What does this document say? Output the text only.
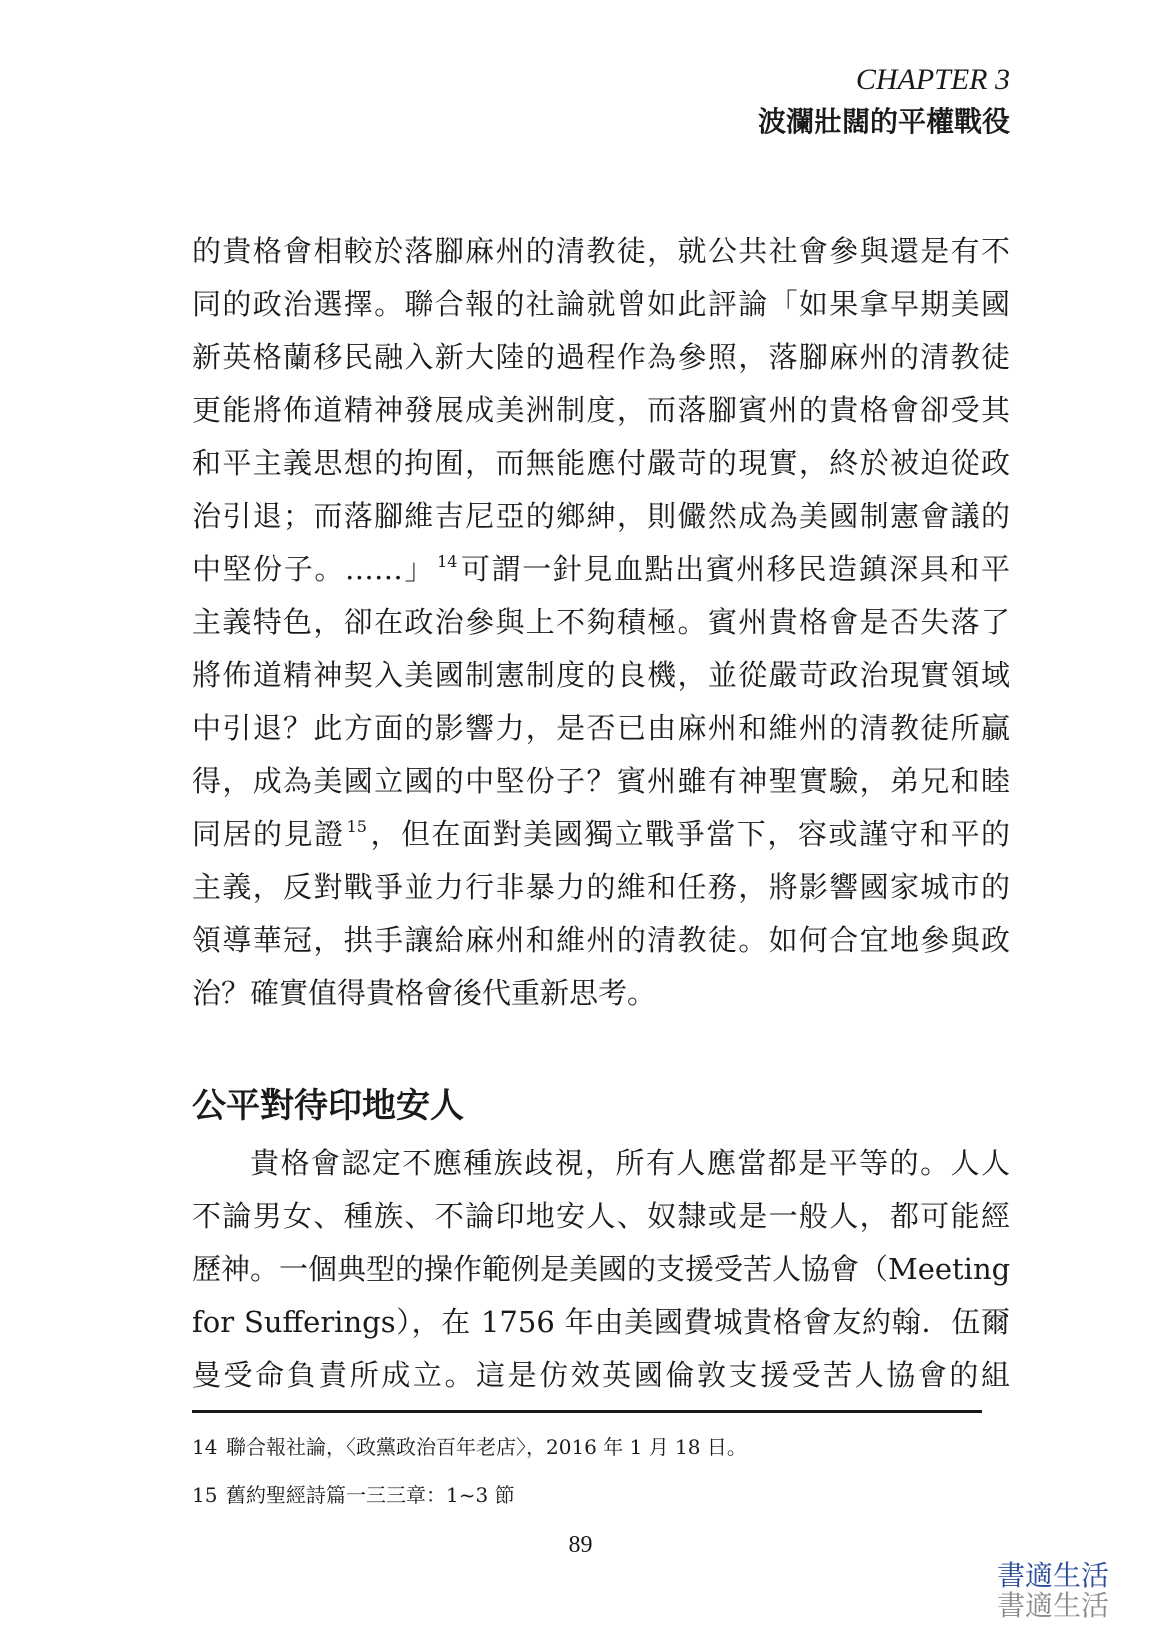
CHAPTER 3
波瀾壯闊的平權戰役
的貴格會相較於落腳麻州的清教徒，就公共社會參與還是有不
同的政治選擇。聯合報的社論就曾如此評論「如果拿早期美國
新英格蘭移民融入新大陸的過程作為參照，落腳麻州的清教徒
更能將佈道精神發展成美洲制度，而落腳賓州的貴格會卻受其
和平主義思想的拘囿，而無能應付嚴苛的現實，終於被迫從政
治引退；而落腳維吉尼亞的鄉紳，則儼然成為美國制憲會議的
中堅份子。……」 $^{14}$可謂一針見血點出賓州移民造鎮深具和平
主義特色，卻在政治參與上不夠積極。賓州貴格會是否失落了
將佈道精神契入美國制憲制度的良機，並從嚴苛政治現實領域
中引退？此方面的影響力，是否已由麻州和維州的清教徒所贏
得，成為美國立國的中堅份子？賓州雖有神聖實驗，弟兄和睦
同居的見證 $^{15}$，但在面對美國獨立戰爭當下，容或謹守和平的
主義，反對戰爭並力行非暴力的維和任務，將影響國家城市的
領導華冠，拱手讓給麻州和維州的清教徒。如何合宜地參與政
治？確實值得貴格會後代重新思考。
公平對待印地安人
貴格會認定不應種族歧視，所有人應當都是平等的。人人
不論男女、種族、不論印地安人、奴隸或是一般人，都可能經
歷神。一個典型的操作範例是美國的支援受苦人協會（Meeting
for Sufferings），在 1756 年由美國費城貴格會友約翰．伍爾
曼受命負責所成立。這是仿效英國倫敦支援受苦人協會的組
14 聯合報社論，〈政黨政治百年老店〉，2016 年 1 月 18 日。
15 舊約聖經詩篇一三三章：1~3 節
89
書適生活
書適生活
